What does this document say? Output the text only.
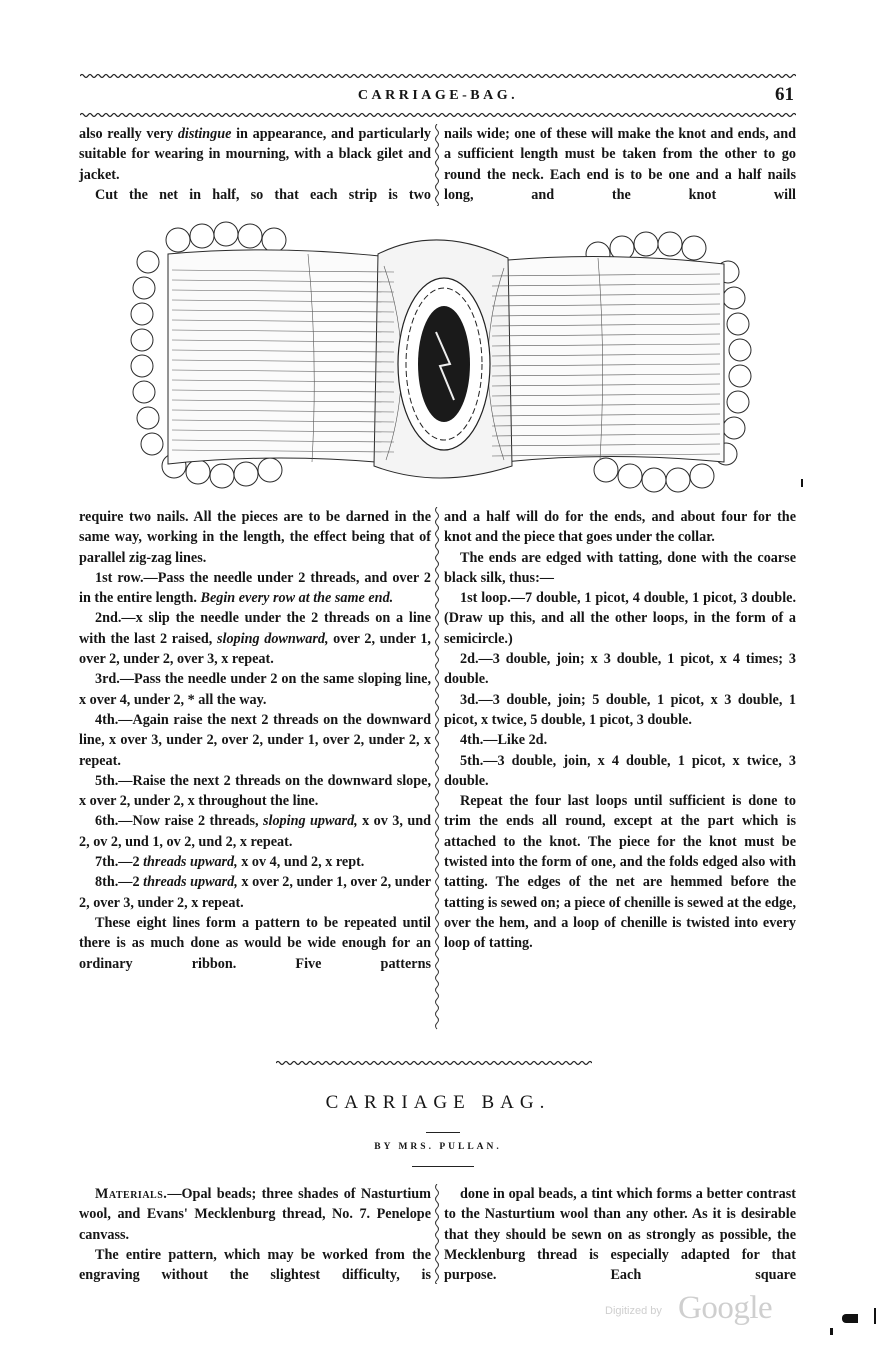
CARRIAGE-BAG.	61

also really very distingue in appearance, and particularly suitable for wearing in mourning, with a black gilet and jacket.

Cut the net in half, so that each strip is two

nails wide; one of these will make the knot and ends, and a sufficient length must be taken from the other to go round the neck. Each end is to be one and a half nails long, and the knot will

require two nails. All the pieces are to be darned in the same way, working in the length, the effect being that of parallel zig-zag lines.

1st row.—Pass the needle under 2 threads, and over 2 in the entire length. Begin every row at the same end.

2nd.—x slip the needle under the 2 threads on a line with the last 2 raised, sloping downward, over 2, under 1, over 2, under 2, over 3, x repeat.

3rd.—Pass the needle under 2 on the same sloping line, x over 4, under 2, * all the way.

4th.—Again raise the next 2 threads on the downward line, x over 3, under 2, over 2, under 1, over 2, under 2, x repeat.

5th.—Raise the next 2 threads on the downward slope, x over 2, under 2, x throughout the line.

6th.—Now raise 2 threads, sloping upward, x ov 3, und 2, ov 2, und 1, ov 2, und 2, x repeat.

7th.—2 threads upward, x ov 4, und 2, x rept.

8th.—2 threads upward, x over 2, under 1, over 2, under 2, over 3, under 2, x repeat.

These eight lines form a pattern to be repeated until there is as much done as would be wide enough for an ordinary ribbon. Five patterns

and a half will do for the ends, and about four for the knot and the piece that goes under the collar.

The ends are edged with tatting, done with the coarse black silk, thus:—

1st loop.—7 double, 1 picot, 4 double, 1 picot, 3 double. (Draw up this, and all the other loops, in the form of a semicircle.)

2d.—3 double, join; x 3 double, 1 picot, x 4 times; 3 double.

3d.—3 double, join; 5 double, 1 picot, x 3 double, 1 picot, x twice, 5 double, 1 picot, 3 double.

4th.—Like 2d.

5th.—3 double, join, x 4 double, 1 picot, x twice, 3 double.

Repeat the four last loops until sufficient is done to trim the ends all round, except at the part which is attached to the knot. The piece for the knot must be twisted into the form of one, and the folds edged also with tatting. The edges of the net are hemmed before the tatting is sewed on; a piece of chenille is sewed at the edge, over the hem, and a loop of chenille is twisted into every loop of tatting.

CARRIAGE BAG.
BY MRS. PULLAN.

Materials.—Opal beads; three shades of Nasturtium wool, and Evans' Mecklenburg thread, No. 7. Penelope canvass.

The entire pattern, which may be worked from the engraving without the slightest difficulty, is

done in opal beads, a tint which forms a better contrast to the Nasturtium wool than any other. As it is desirable that they should be sewn on as strongly as possible, the Mecklenburg thread is especially adapted for that purpose. Each square

Digitized by Google
